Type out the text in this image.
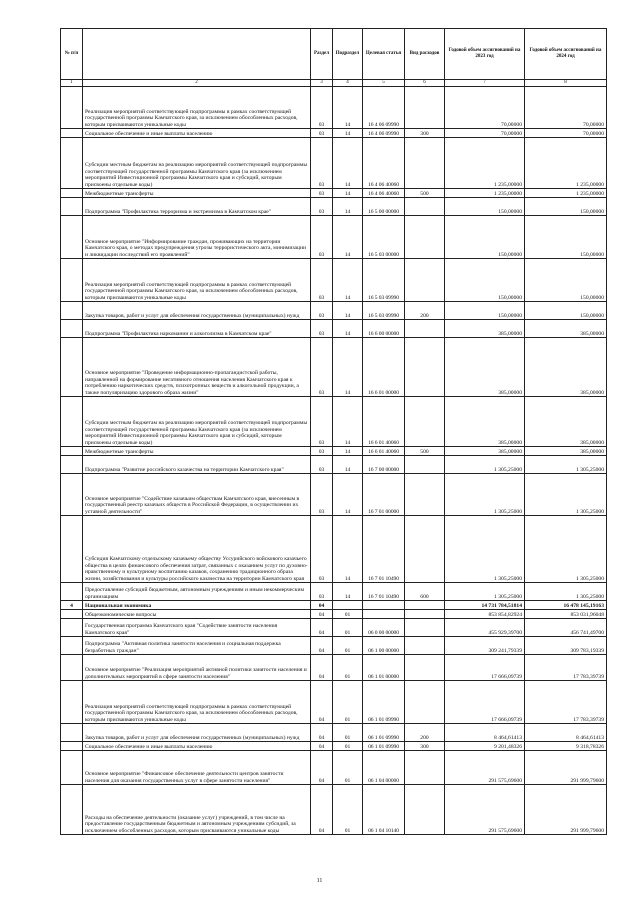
№ п/п		Раздел	Подраздел	Целевая статья	Вид расходов	Годовой объем ассигнований на 2023 год	Годовой объем ассигнований на 2024 год
1	2	3	4	5	6	7	8
	Реализация мероприятий соответствующей подпрограммы в рамках соответствующей государственной программы Камчатского края, за исключением обособленных расходов, которым присваиваются уникальные коды	03	14	16 4 06 09990		70,00000	70,00000
	Социальное обеспечение и иные выплаты населению	03	14	16 4 06 09990	300	70,00000	70,00000
	Субсидии местным бюджетам на реализацию мероприятий соответствующей подпрограммы соответствующей государственной программы Камчатского края (за исключением мероприятий Инвестиционной программы Камчатского края и субсидий, которым присвоены отдельные коды)	03	14	16 4 06 40060		1 235,00000	1 235,00000
	Межбюджетные трансферты	03	14	16 4 06 40060	500	1 235,00000	1 235,00000
	Подпрограмма "Профилактика терроризма и экстремизма в Камчатском крае"	03	14	16 5 00 00000		150,00000	150,00000
	Основное мероприятие "Информирование граждан, проживающих на территории Камчатского края, о методах предупреждения угрозы террористического акта, минимизации и ликвидации последствий его проявлений"	03	14	16 5 03 00000		150,00000	150,00000
	Реализация мероприятий соответствующей подпрограммы в рамках соответствующей государственной программы Камчатского края, за исключением обособленных расходов, которым присваиваются уникальные коды	03	14	16 5 03 09990		150,00000	150,00000
	Закупка товаров, работ и услуг для обеспечения государственных (муниципальных) нужд	03	14	16 5 03 09990	200	150,00000	150,00000
	Подпрограмма "Профилактика наркомании и алкоголизма в Камчатском крае"	03	14	16 6 00 00000		385,00000	385,00000
	Основное мероприятие "Проведение информационно-пропагандистской работы, направленной на формирование негативного отношения населения Камчатского края к потреблению наркотических средств, психотропных веществ и алкогольной продукции, а также популяризацию здорового образа жизни"	03	14	16 6 01 00000		385,00000	385,00000
	Субсидии местным бюджетам на реализацию мероприятий соответствующей подпрограммы соответствующей государственной программы Камчатского края (за исключением мероприятий Инвестиционной программы Камчатского края и субсидий, которым присвоены отдельные коды)	03	14	16 6 01 40060		385,00000	385,00000
	Межбюджетные трансферты	03	14	16 6 01 40060	500	385,00000	385,00000
	Подпрограмма "Развитие российского казачества на территории Камчатского края"	03	14	16 7 00 00000		1 305,25000	1 305,25000
	Основное мероприятие "Содействие казачьим обществам Камчатского края, внесенным в государственный реестр казачьих обществ в Российской Федерации, в осуществлении их уставной деятельности"	03	14	16 7 01 00000		1 305,25000	1 305,25000
	Субсидия Камчатскому отдельскому казачьему обществу Уссурийского войскового казачьего общества в целях финансового обеспечения затрат, связанных с оказанием услуг по духовно-нравственному и культурному воспитанию казаков, сохранению традиционного образа жизни, хозяйствования и культуры российского казачества на территории Камчатского края	03	14	16 7 01 10490		1 305,25000	1 305,25000
	Предоставление субсидий бюджетным, автономным учреждениям и иным некоммерческим организациям	03	14	16 7 01 10490	600	1 305,25000	1 305,25000
4	Национальная экономика	04				14 731 784,51814	16 478 145,19163
	Общеэкономические вопросы	04	01			853 854,82924	853 031,96048
	Государственная программа Камчатского края "Содействие занятости населения Камчатского края"	04	01	06 0 00 00000		455 929,39700	456 741,49700
	Подпрограмма "Активная политика занятости населения и социальная поддержка безработных граждан"	04	01	06 1 00 00000		309 241,79339	309 783,19339
	Основное мероприятие "Реализация мероприятий активной политики занятости населения и дополнительных мероприятий в сфере занятости населения"	04	01	06 1 01 00000		17 666,09739	17 783,39739
	Реализация мероприятий соответствующей подпрограммы в рамках соответствующей государственной программы Камчатского края, за исключением обособленных расходов, которым присваиваются уникальные коды	04	01	06 1 01 09990		17 666,09739	17 783,39739
	Закупка товаров, работ и услуг для обеспечения государственных (муниципальных) нужд	04	01	06 1 01 09990	200	8 464,61413	8 464,61413
	Социальное обеспечение и иные выплаты населению	04	01	06 1 01 09990	300	9 201,48326	9 318,78326
	Основное мероприятие "Финансовое обеспечение деятельности центров занятости населения для оказания государственных услуг в сфере занятости населения"	04	01	06 1 04 00000		291 575,69600	291 999,79600
	Расходы на обеспечение деятельности (оказание услуг) учреждений, в том числе на предоставление государственным бюджетным и автономным учреждениям субсидий, за исключением обособленных расходов, которым присваиваются уникальные коды	04	01	06 1 04 10140		291 575,69600	291 999,79600
11
